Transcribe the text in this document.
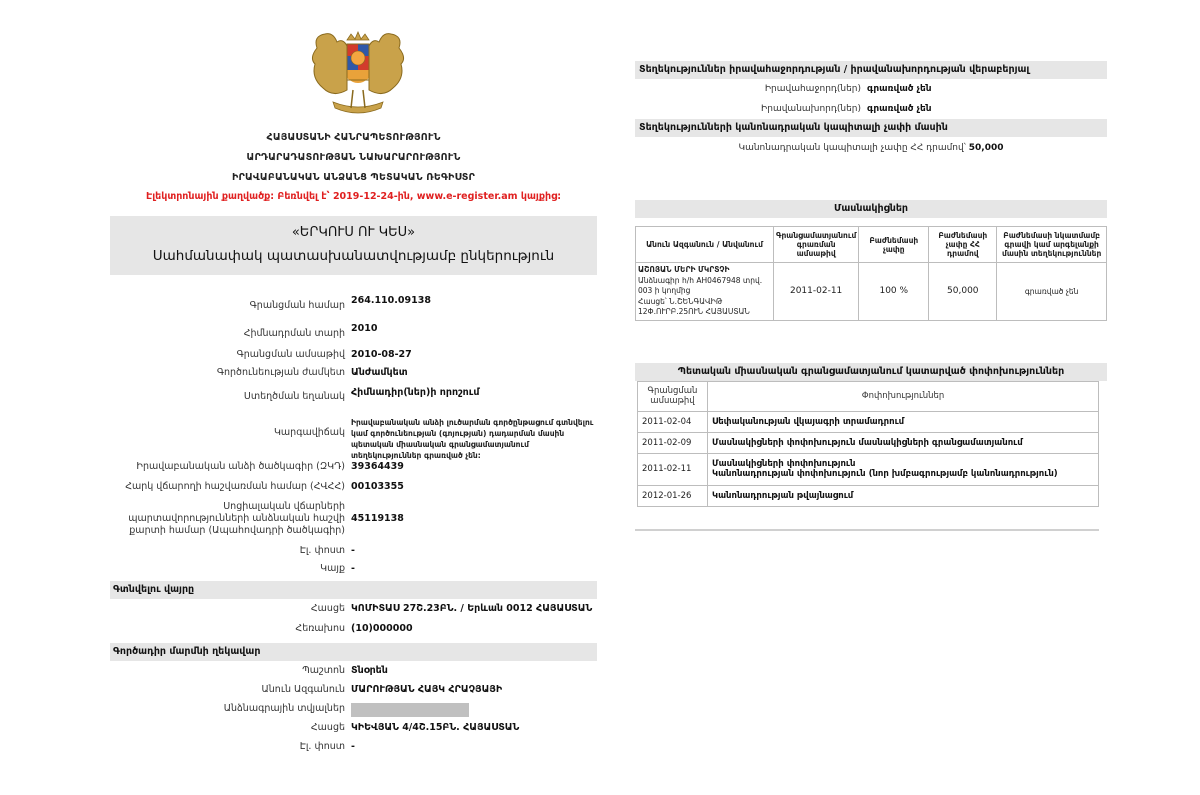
ՀԱՅԱՍՏԱՆԻ ՀԱՆՐԱՊԵՏՈՒԹՅՈՒՆ
ԱՐԴԱՐԱԴԱՏՈՒԹՅԱՆ ՆԱԽԱՐԱՐՈՒԹՅՈՒՆ
ԻՐԱՎԱԲԱՆԱԿԱՆ ԱՆՁԱՆՑ ՊԵՏԱԿԱՆ ՌԵԳԻՍՏՐ
Էլեկտրոնային քաղվածք: Բեռնվել է՝ 2019-12-24-ին, www.e-register.am կայքից:
«ԵՐԿՈՒՍ ՈՒ ԿԵՍ»
Սահմանափակ պատասխանատվությամբ ընկերություն
Գրանցման համար 264.110.09138
Հիմնադրման տարի 2010
Գրանցման ամսաթիվ 2010-08-27
Գործունեության ժամկետ Անժամկետ
Ստեղծման եղանակ Հիմնադիր(ներ)ի որոշում
Կարգավիճակ
Իրավաբանական անձի լուծարման գործընթացում գտնվելու կամ գործունեության (գոյության) դադարման մասին պետական միասնական գրանցամատյանում տեղեկություններ գրառված չեն:
Իրավաբանական անձի ծածկագիր (ԶԿԴ) 39364439
Հարկ վճարողի հաշվառման համար (ՀՎՀՀ) 00103355
Սոցիալական վճարների պարտավորությունների անձնական հաշվի քարտի համար (Ապահովադրի ծածկագիր)
45119138
Էլ. փոստ -
Կայք -
Գտնվելու վայրը
Հասցե ԿՈՄԻՏԱՍ 27Շ.23ԲՆ. / Երևան 0012 ՀԱՅԱՍՏԱՆ
Հեռախոս (10)000000
Գործադիր մարմնի ղեկավար
Պաշտոն Տնօրեն
Անուն Ազգանուն ՄԱՐՈՒԹՅԱՆ ՀԱՅԿ ՀՐԱՉՅԱՅԻ
Անձնագրային տվյալներ
Հասցե ԿԻԵՎՅԱՆ 4/4Շ.15ԲՆ. ՀԱՅԱՍՏԱՆ
Էլ. փոստ -
Տեղեկություններ իրավահաջորդության / իրավանախորդության վերաբերյալ
Իրավահաջորդ(ներ) գրառված չեն
Իրավանախորդ(ներ) գրառված չեն
Տեղեկությունների կանոնադրական կապիտալի չափի մասին
Կանոնադրական կապիտալի չափը ՀՀ դրամով՝ 50,000
Մասնակիցներ
Անուն Ազգանուն / Անվանում	Գրանցամատյանում գրառման ամսաթիվ	Բաժնեմասի չափը	Բաժնեմասի չափը ՀՀ դրամով	Բաժնեմասի նկատմամբ գրավի կամ արգելանքի մասին տեղեկություններ
ԱՇՈՅԱՆ ՄԵՐԻ ՄԿՐՏՉԻ
Անձնագիր հ/հ AH0467948 տրվ. 003 ի կողմից
Հասցե՝ Ն.ՇԵՆԳԱՎԻԹ
12Փ.ՈՒՐԲ.25ՈՒՆ ՀԱՅԱՍՏԱՆ	2011-02-11	100 %	50,000	գրառված չեն
Պետական միասնական գրանցամատյանում կատարված փոփոխություններ
Գրանցման ամսաթիվ	Փոփոխություններ
2011-02-04	Սեփականության վկայագրի տրամադրում
2011-02-09	Մասնակիցների փոփոխություն մասնակիցների գրանցամատյանում
2011-02-11	Մասնակիցների փոփոխություն
Կանոնադրության փոփոխություն (նոր խմբագրությամբ կանոնադրություն)

2012-01-26	Կանոնադրության թվայնացում
